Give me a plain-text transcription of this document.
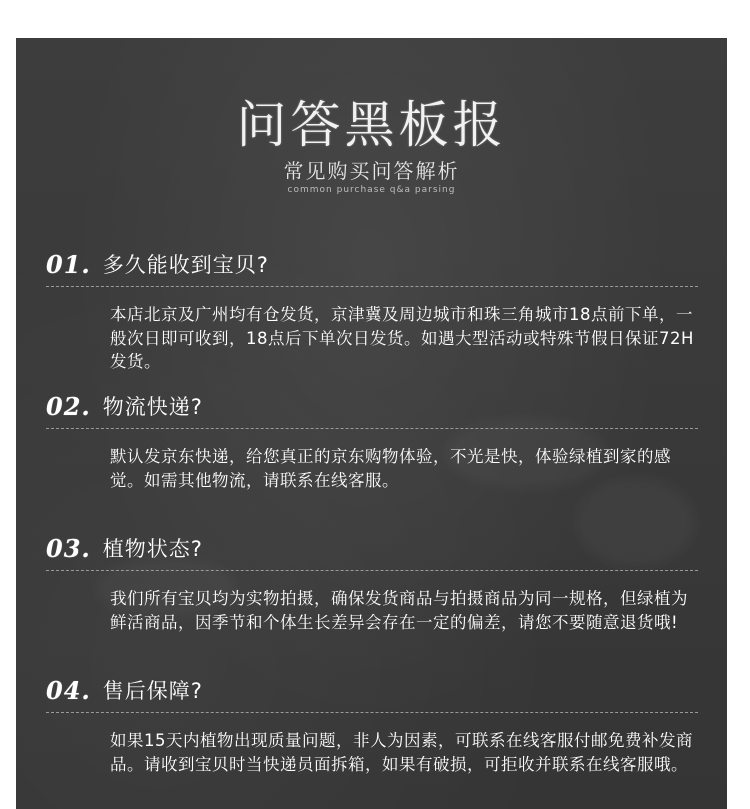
问答黑板报
常见购买问答解析
common purchase q&a parsing
01. 多久能收到宝贝?
本店北京及广州均有仓发货，京津冀及周边城市和珠三角城市18点前下单，一般次日即可收到，18点后下单次日发货。如遇大型活动或特殊节假日保证72H发货。
02. 物流快递?
默认发京东快递，给您真正的京东购物体验，不光是快，体验绿植到家的感觉。如需其他物流，请联系在线客服。
03. 植物状态?
我们所有宝贝均为实物拍摄，确保发货商品与拍摄商品为同一规格，但绿植为鲜活商品，因季节和个体生长差异会存在一定的偏差，请您不要随意退货哦!
04. 售后保障?
如果15天内植物出现质量问题，非人为因素，可联系在线客服付邮免费补发商品。请收到宝贝时当快递员面拆箱，如果有破损，可拒收并联系在线客服哦。
